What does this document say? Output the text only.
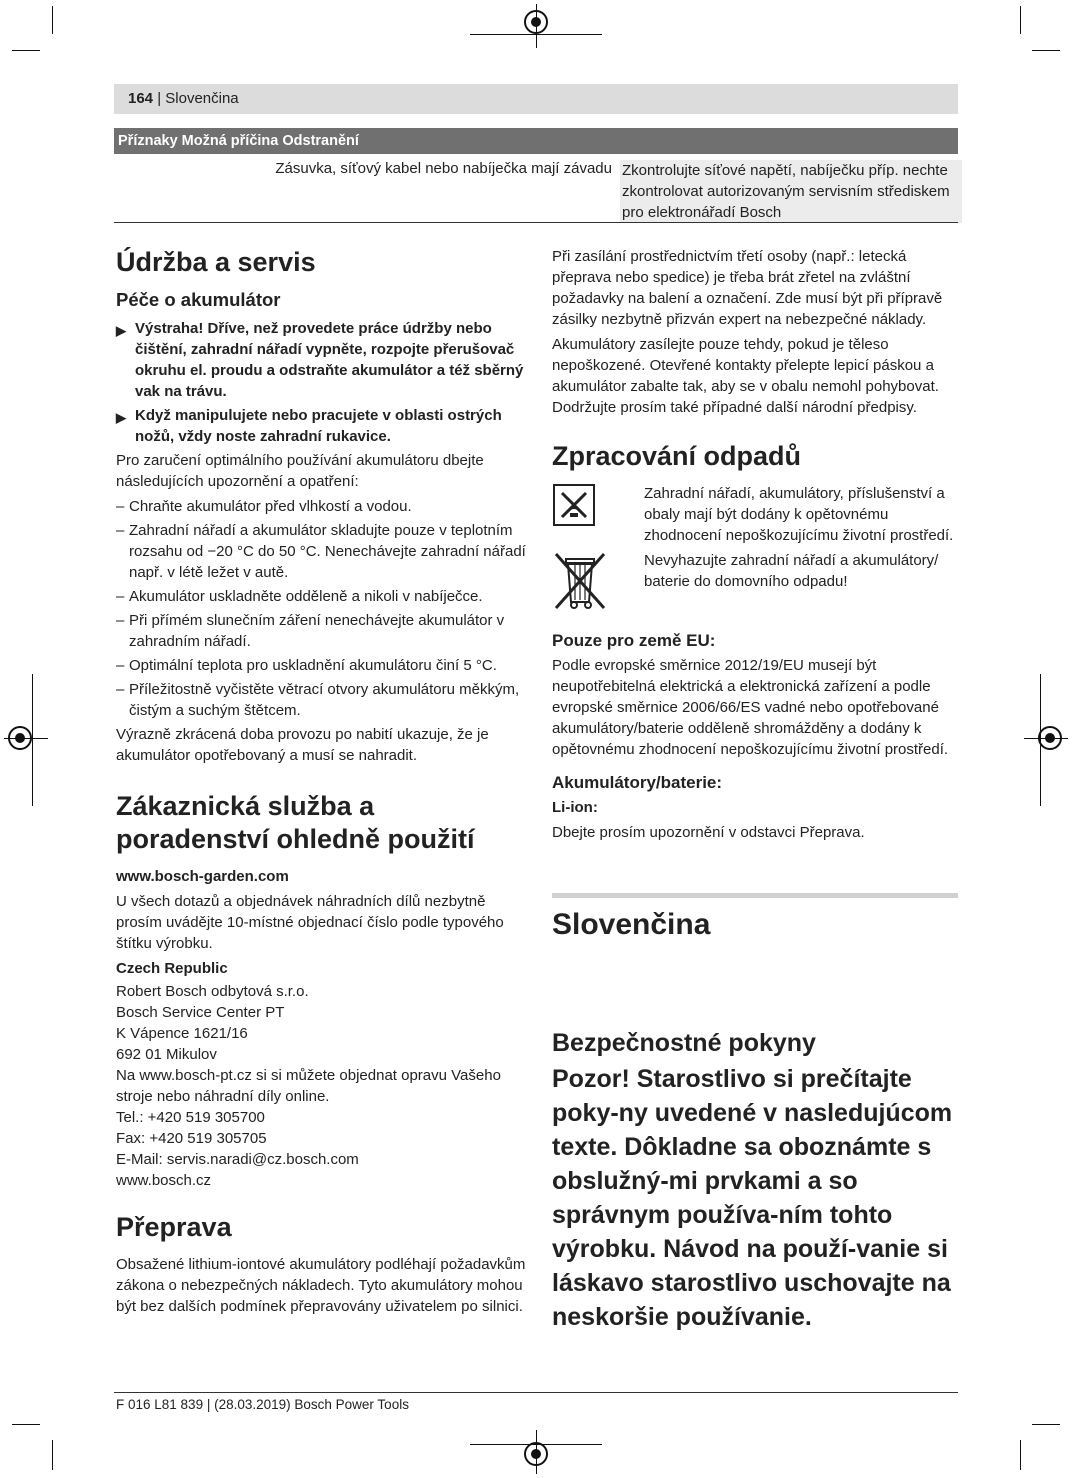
164 | Slovenčina
Příznaky Možná příčina Odstranění
Zásuvka, síťový kabel nebo nabíječka mají závadu Zkontrolujte síťové napětí, nabíječku příp. nechte zkontrolovat autorizovaným servisním střediskem pro elektronářadí Bosch
Údržba a servis
Péče o akumulátor
▶ Výstraha! Dříve, než provedete práce údržby nebo čištění, zahradní nářadí vypněte, rozpojte přerušovač okruhu el. proudu a odstraňte akumulátor a též sběrný vak na trávu.
▶ Když manipulujete nebo pracujete v oblasti ostrých nožů, vždy noste zahradní rukavice.

Pro zaručení optimálního používání akumulátoru dbejte následujících upozornění a opatření:

– Chraňte akumulátor před vlhkostí a vodou.
– Zahradní nářadí a akumulátor skladujte pouze v teplotním rozsahu od −20 °C do 50 °C. Nenechávejte zahradní nářadí např. v létě ležet v autě.
– Akumulátor uskladněte odděleně a nikoli v nabíječce.
– Při přímém slunečním záření nenechávejte akumulátor v zahradním nářadí.
– Optimální teplota pro uskladnění akumulátoru činí 5 °C.
– Příležitostně vyčistěte větrací otvory akumulátoru měkkým, čistým a suchým štětcem.

Výrazně zkrácená doba provozu po nabití ukazuje, že je akumulátor opotřebovaný a musí se nahradit.

Zákaznická služba a poradenství ohledně použití
www.bosch-garden.com

U všech dotazů a objednávek náhradních dílů nezbytně prosím uvádějte 10-místné objednací číslo podle typového štítku výrobku.

Czech Republic
Robert Bosch odbytová s.r.o.
Bosch Service Center PT
K Vápence 1621/16
692 01 Mikulov
Na www.bosch-pt.cz si si můžete objednat opravu Vašeho stroje nebo náhradní díly online.
Tel.: +420 519 305700
Fax: +420 519 305705
E-Mail: servis.naradi@cz.bosch.com
www.bosch.cz
Přeprava

Obsažené lithium-iontové akumulátory podléhají požadavkům zákona o nebezpečných nákladech. Tyto akumulátory mohou být bez dalších podmínek přepravovány uživatelem po silnici.

Při zasílání prostřednictvím třetí osoby (např.: letecká přeprava nebo spedice) je třeba brát zřetel na zvláštní požadavky na balení a označení. Zde musí být při přípravě zásilky nezbytně přizván expert na nebezpečné náklady.

Akumulátory zasílejte pouze tehdy, pokud je těleso nepoškozené. Otevřené kontakty přelepte lepicí páskou a akumulátor zabalte tak, aby se v obalu nemohl pohybovat. Dodržujte prosím také případné další národní předpisy.

Zpracování odpadů
Zahradní nářadí, akumulátory, příslušenství a obaly mají být dodány k opětovnému zhodnocení nepoškozujícímu životní prostředí.
Nevyhazujte zahradní nářadí a akumulátory/ baterie do domovního odpadu!
Pouze pro země EU:

Podle evropské směrnice 2012/19/EU musejí být neupotřebitelná elektrická a elektronická zařízení a podle evropské směrnice 2006/66/ES vadné nebo opotřebované akumulátory/baterie odděleně shromážděny a dodány k opětovnému zhodnocení nepoškozujícímu životní prostředí.

Akumulátory/baterie:
Li-ion:

Dbejte prosím upozornění v odstavci Přeprava.

Slovenčina
Bezpečnostné pokyny
Pozor! Starostlivo si prečítajte poky-ny uvedené v nasledujúcom texte. Dôkladne sa oboznámte s obslužný-mi prvkami a so správnym používa-ním tohto výrobku. Návod na použí-vanie si láskavo starostlivo uschovajte na neskoršie používanie.
F 016 L81 839 | (28.03.2019) Bosch Power Tools
